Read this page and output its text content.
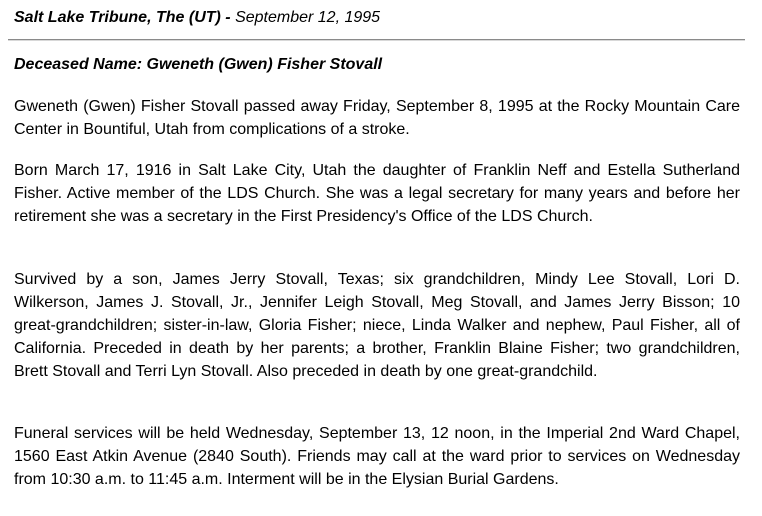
Salt Lake Tribune, The (UT) - September 12, 1995
Deceased Name: Gweneth (Gwen) Fisher Stovall

Gweneth (Gwen) Fisher Stovall passed away Friday, September 8, 1995 at the Rocky Mountain Care Center in Bountiful, Utah from complications of a stroke.

Born March 17, 1916 in Salt Lake City, Utah the daughter of Franklin Neff and Estella Sutherland Fisher. Active member of the LDS Church. She was a legal secretary for many years and before her retirement she was a secretary in the First Presidency's Office of the LDS Church.

Survived by a son, James Jerry Stovall, Texas; six grandchildren, Mindy Lee Stovall, Lori D. Wilkerson, James J. Stovall, Jr., Jennifer Leigh Stovall, Meg Stovall, and James Jerry Bisson; 10 great-grandchildren; sister-in-law, Gloria Fisher; niece, Linda Walker and nephew, Paul Fisher, all of California. Preceded in death by her parents; a brother, Franklin Blaine Fisher; two grandchildren, Brett Stovall and Terri Lyn Stovall. Also preceded in death by one great-grandchild.

Funeral services will be held Wednesday, September 13, 12 noon, in the Imperial 2nd Ward Chapel, 1560 East Atkin Avenue (2840 South). Friends may call at the ward prior to services on Wednesday from 10:30 a.m. to 11:45 a.m. Interment will be in the Elysian Burial Gardens.
